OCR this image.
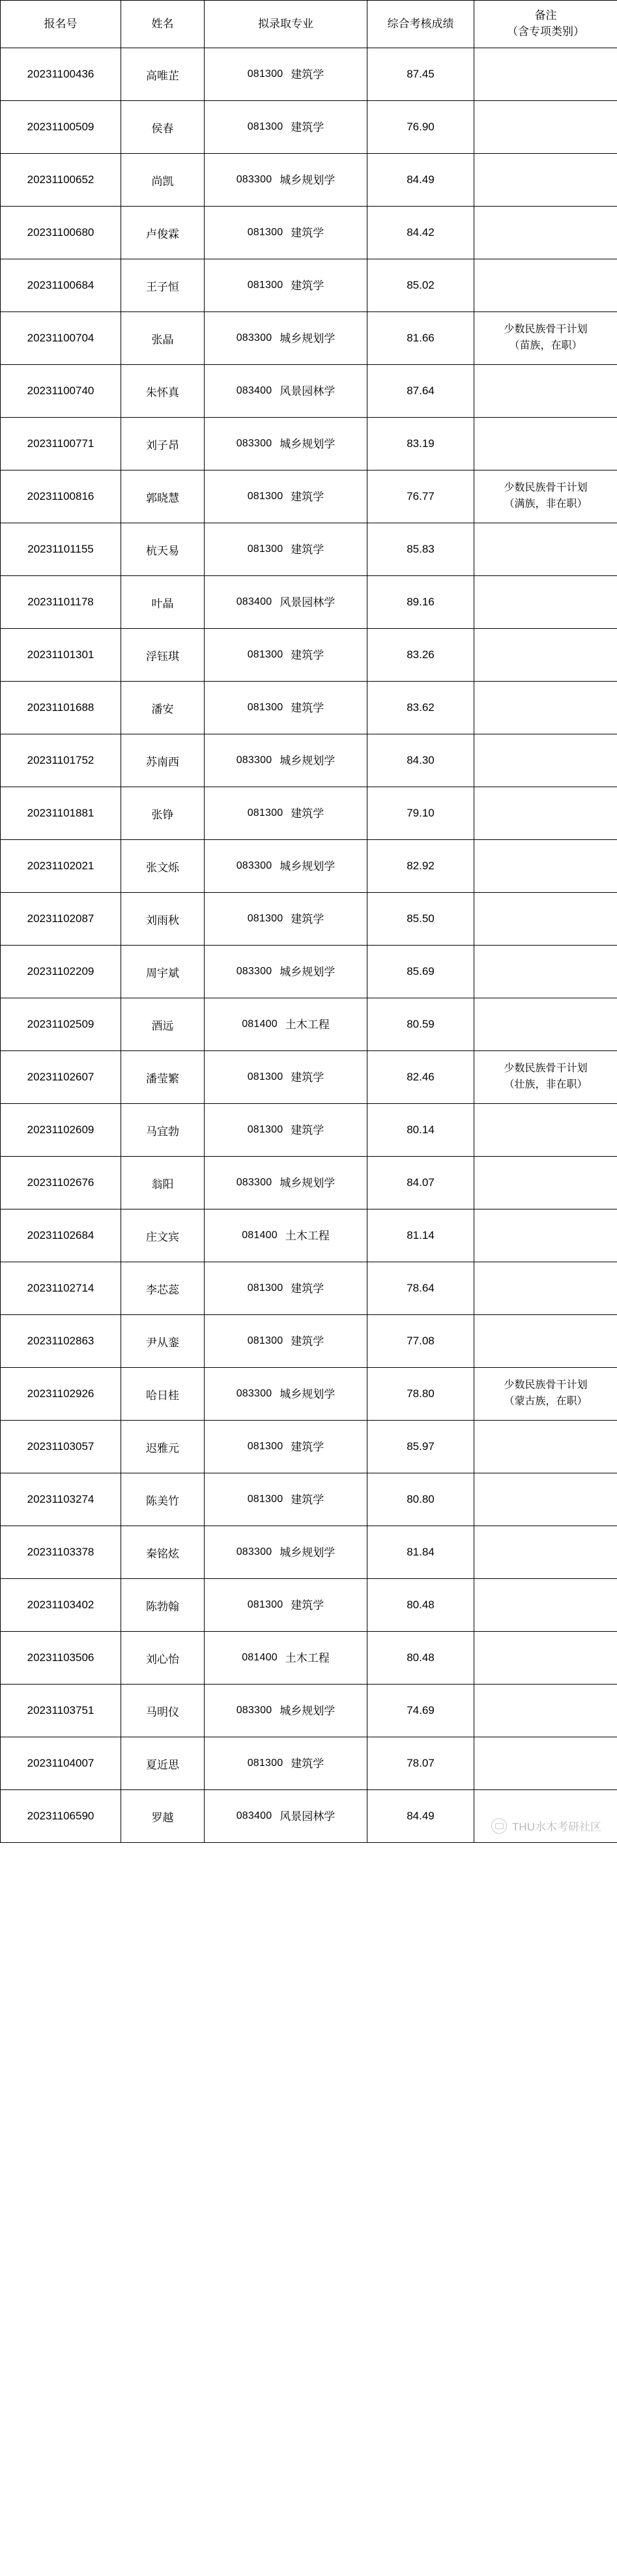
报名号	姓名	拟录取专业	综合考核成绩	备注
（含专项类别）

20231100436	高唯芷	081300 建筑学	87.45	

20231100509	侯春	081300 建筑学	76.90	

20231100652	尚凯	083300 城乡规划学	84.49	

20231100680	卢俊霖	081300 建筑学	84.42	

20231100684	王子恒	081300 建筑学	85.02	

20231100704	张晶	083300 城乡规划学	81.66	
少数民族骨干计划
（苗族，在职）

20231100740	朱怀真	083400 风景园林学	87.64	

20231100771	刘子昂	083300 城乡规划学	83.19	

20231100816	郭晓慧	081300 建筑学	76.77	
少数民族骨干计划
（满族，非在职）

20231101155	杭天易	081300 建筑学	85.83	

20231101178	叶晶	083400 风景园林学	89.16	

20231101301	浮钰琪	081300 建筑学	83.26	

20231101688	潘安	081300 建筑学	83.62	

20231101752	苏南西	083300 城乡规划学	84.30	

20231101881	张铮	081300 建筑学	79.10	

20231102021	张文烁	083300 城乡规划学	82.92	

20231102087	刘雨秋	081300 建筑学	85.50	

20231102209	周宇斌	083300 城乡规划学	85.69	

20231102509	酒远	081400 土木工程	80.59	

20231102607	潘莹繁	081300 建筑学	82.46	
少数民族骨干计划
（壮族，非在职）

20231102609	马宜勃	081300 建筑学	80.14	

20231102676	翁阳	083300 城乡规划学	84.07	

20231102684	庄文宾	081400 土木工程	81.14	

20231102714	李芯蕊	081300 建筑学	78.64	

20231102863	尹从銮	081300 建筑学	77.08	

20231102926	哈日桂	083300 城乡规划学	78.80	
少数民族骨干计划
（蒙古族，在职）

20231103057	迟雅元	081300 建筑学	85.97	

20231103274	陈美竹	081300 建筑学	80.80	

20231103378	秦铭炫	083300 城乡规划学	81.84	

20231103402	陈勃翰	081300 建筑学	80.48	

20231103506	刘心怡	081400 土木工程	80.48	

20231103751	马明仪	083300 城乡规划学	74.69	

20231104007	夏近思	081300 建筑学	78.07	

20231106590	罗越	083400 风景园林学	84.49	
THU水木考研社区
